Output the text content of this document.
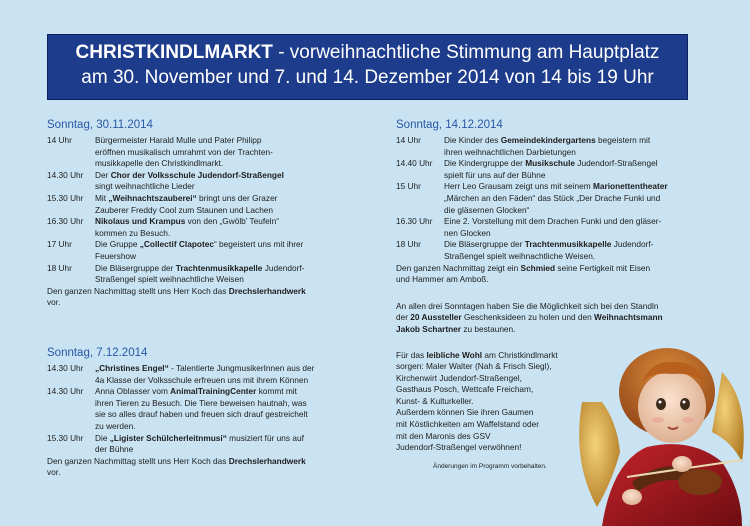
CHRISTKINDLMARKT - vorweihnachtliche Stimmung am Hauptplatz
am 30. November und 7. und 14. Dezember 2014 von 14 bis 19 Uhr
Sonntag, 30.11.2014
14 Uhr	Bürgermeister Harald Mulle und Pater Philipp
eröffnen musikalisch umrahmt von der Trachten-
musikkapelle den Christkindlmarkt.
14.30 Uhr	Der Chor der Volksschule Judendorf-Straßengel
singt weihnachtliche Lieder
15.30 Uhr	Mit „Weihnachtszauberei“ bringt uns der Grazer
Zauberer Freddy Cool zum Staunen und Lachen
16.30 Uhr	Nikolaus und Krampus von den „Gwölb’ Teufeln“
kommen zu Besuch.
17 Uhr	Die Gruppe „Collectif Clapotec“ begeistert uns mit ihrer
Feuershow
18 Uhr	Die Bläsergruppe der Trachtenmusikkapelle Judendorf-
Straßengel spielt weihnachtliche Weisen
Den ganzen Nachmittag stellt uns Herr Koch das Drechslerhandwerk
vor.
Sonntag, 7.12.2014
14.30 Uhr	„Christines Engel“ - Talentierte JungmusikerInnen aus der
4a Klasse der Volksschule erfreuen uns mit ihrem Können
14.30 Uhr	Anna Oblasser vom AnimalTrainingCenter kommt mit
ihren Tieren zu Besuch. Die Tiere beweisen hautnah, was
sie so alles drauf haben und freuen sich drauf gestreichelt
zu werden.
15.30 Uhr	Die „Ligister Schülcherleitnmusi“ musiziert für uns auf
der Bühne
Den ganzen Nachmittag stellt uns Herr Koch das Drechslerhandwerk
vor.
Sonntag, 14.12.2014
14 Uhr	Die Kinder des Gemeindekindergartens begeistern mit
ihren weihnachtlichen Darbietungen
14.40 Uhr	Die Kindergruppe der Musikschule Judendorf-Straßengel
spielt für uns auf der Bühne
15 Uhr	Herr Leo Grausam zeigt uns mit seinem Marionettentheater
„Märchen an den Fäden“ das Stück „Der Drache Funki und
die gläsernen Glocken“
16.30 Uhr	Eine 2. Vorstellung mit dem Drachen Funki und den gläser-
nen Glocken
18 Uhr	Die Bläsergruppe der Trachtenmusikkapelle Judendorf-
Straßengel spielt weihnachtliche Weisen.
Den ganzen Nachmittag zeigt ein Schmied seine Fertigkeit mit Eisen
und Hammer am Amboß.
An allen drei Sonntagen haben Sie die Möglichkeit sich bei den Standln
der 20 Aussteller Geschenksideen zu holen und den Weihnachtsmann
Jakob Schartner zu bestaunen.
Für das leibliche Wohl am Christkindlmarkt
sorgen: Maler Walter (Nah & Frisch Siegl),
Kirchenwirt Judendorf-Straßengel,
Gasthaus Posch, Wettcafe Freicham,
Kunst- & Kulturkeller.
Außerdem können Sie ihren Gaumen
mit Köstlichkeiten am Waffelstand oder
mit den Maronis des GSV
Judendorf-Straßengel verwöhnen!
Änderungen im Programm vorbehalten.
